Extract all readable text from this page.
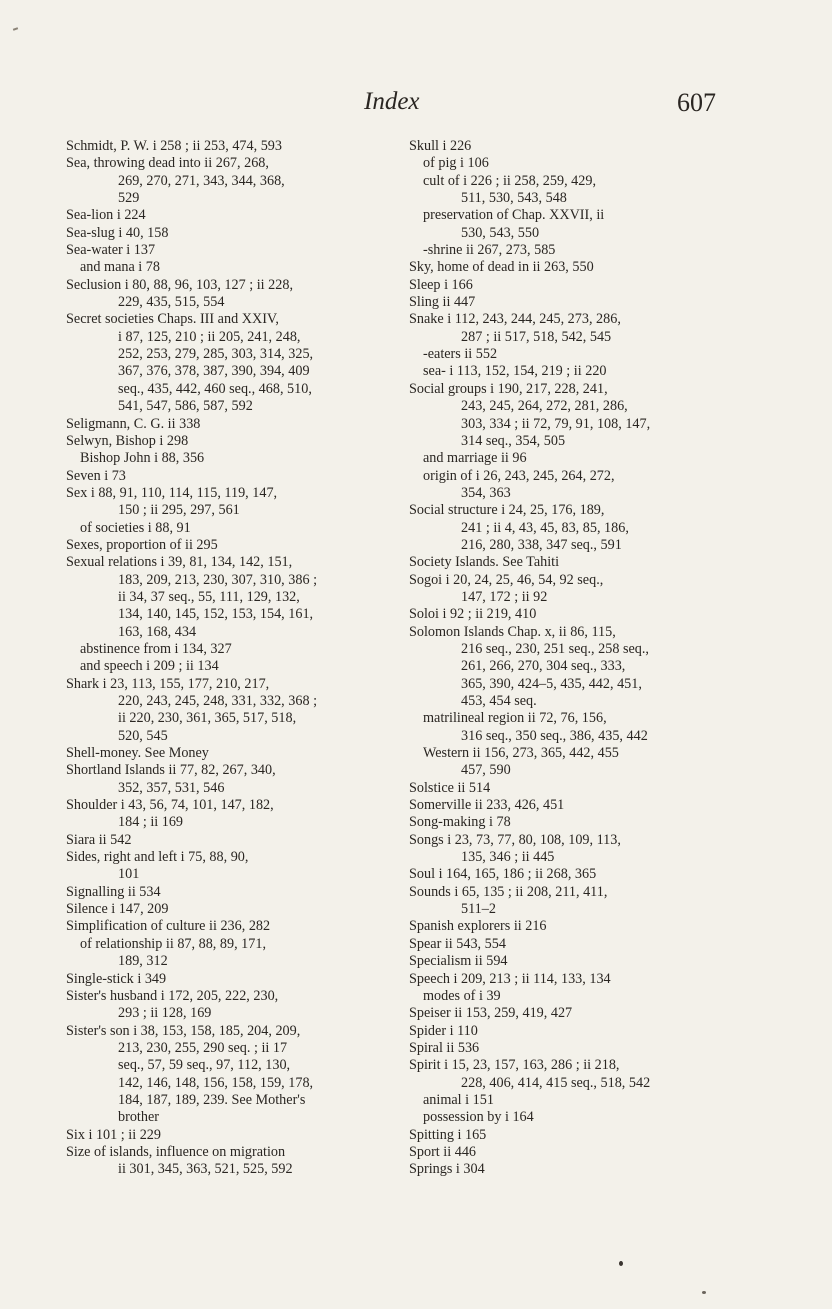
Index	607
Schmidt, P. W. i 258 ; ii 253, 474, 593
Sea, throwing dead into ii 267, 268,
269, 270, 271, 343, 344, 368,
529
Sea-lion i 224
Sea-slug i 40, 158
Sea-water i 137
and mana i 78
Seclusion i 80, 88, 96, 103, 127 ; ii 228,
229, 435, 515, 554
Secret societies Chaps. III and XXIV,
i 87, 125, 210 ; ii 205, 241, 248,
252, 253, 279, 285, 303, 314, 325,
367, 376, 378, 387, 390, 394, 409
seq., 435, 442, 460 seq., 468, 510,
541, 547, 586, 587, 592
Seligmann, C. G. ii 338
Selwyn, Bishop i 298
Bishop John i 88, 356
Seven i 73
Sex i 88, 91, 110, 114, 115, 119, 147,
150 ; ii 295, 297, 561
of societies i 88, 91
Sexes, proportion of ii 295
Sexual relations i 39, 81, 134, 142, 151,
183, 209, 213, 230, 307, 310, 386 ;
ii 34, 37 seq., 55, 111, 129, 132,
134, 140, 145, 152, 153, 154, 161,
163, 168, 434
abstinence from i 134, 327
and speech i 209 ; ii 134
Shark i 23, 113, 155, 177, 210, 217,
220, 243, 245, 248, 331, 332, 368 ;
ii 220, 230, 361, 365, 517, 518,
520, 545
Shell-money. See Money
Shortland Islands ii 77, 82, 267, 340,
352, 357, 531, 546
Shoulder i 43, 56, 74, 101, 147, 182,
184 ; ii 169
Siara ii 542
Sides, right and left i 75, 88, 90,
101
Signalling ii 534
Silence i 147, 209
Simplification of culture ii 236, 282
of relationship ii 87, 88, 89, 171,
189, 312
Single-stick i 349
Sister's husband i 172, 205, 222, 230,
293 ; ii 128, 169
Sister's son i 38, 153, 158, 185, 204, 209,
213, 230, 255, 290 seq. ; ii 17
seq., 57, 59 seq., 97, 112, 130,
142, 146, 148, 156, 158, 159, 178,
184, 187, 189, 239. See Mother's
brother
Six i 101 ; ii 229
Size of islands, influence on migration
ii 301, 345, 363, 521, 525, 592
Skull i 226
of pig i 106
cult of i 226 ; ii 258, 259, 429,
511, 530, 543, 548
preservation of Chap. XXVII, ii
530, 543, 550
-shrine ii 267, 273, 585
Sky, home of dead in ii 263, 550
Sleep i 166
Sling ii 447
Snake i 112, 243, 244, 245, 273, 286,
287 ; ii 517, 518, 542, 545
-eaters ii 552
sea- i 113, 152, 154, 219 ; ii 220
Social groups i 190, 217, 228, 241,
243, 245, 264, 272, 281, 286,
303, 334 ; ii 72, 79, 91, 108, 147,
314 seq., 354, 505
and marriage ii 96
origin of i 26, 243, 245, 264, 272,
354, 363
Social structure i 24, 25, 176, 189,
241 ; ii 4, 43, 45, 83, 85, 186,
216, 280, 338, 347 seq., 591
Society Islands. See Tahiti
Sogoi i 20, 24, 25, 46, 54, 92 seq.,
147, 172 ; ii 92
Soloi i 92 ; ii 219, 410
Solomon Islands Chap. x, ii 86, 115,
216 seq., 230, 251 seq., 258 seq.,
261, 266, 270, 304 seq., 333,
365, 390, 424–5, 435, 442, 451,
453, 454 seq.
matrilineal region ii 72, 76, 156,
316 seq., 350 seq., 386, 435, 442
Western ii 156, 273, 365, 442, 455
457, 590
Solstice ii 514
Somerville ii 233, 426, 451
Song-making i 78
Songs i 23, 73, 77, 80, 108, 109, 113,
135, 346 ; ii 445
Soul i 164, 165, 186 ; ii 268, 365
Sounds i 65, 135 ; ii 208, 211, 411,
511–2
Spanish explorers ii 216
Spear ii 543, 554
Specialism ii 594
Speech i 209, 213 ; ii 114, 133, 134
modes of i 39
Speiser ii 153, 259, 419, 427
Spider i 110
Spiral ii 536
Spirit i 15, 23, 157, 163, 286 ; ii 218,
228, 406, 414, 415 seq., 518, 542
animal i 151
possession by i 164
Spitting i 165
Sport ii 446
Springs i 304
